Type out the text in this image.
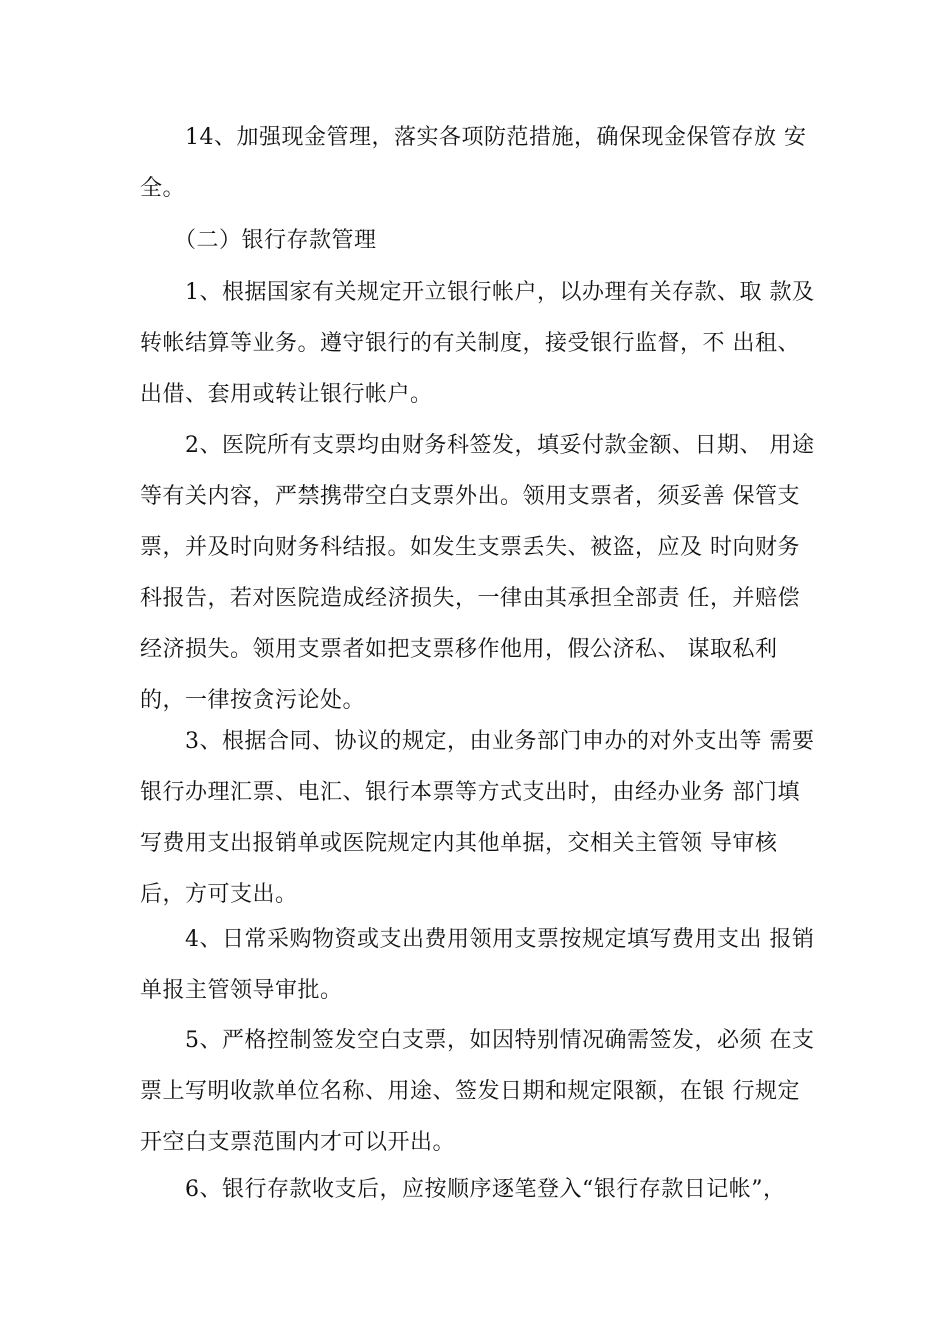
　　14、加强现金管理，落实各项防范措施，确保现金保管存放 安
全。
　　（二）银行存款管理
　　1、根据国家有关规定开立银行帐户，以办理有关存款、取 款及
转帐结算等业务。遵守银行的有关制度，接受银行监督，不 出租、
出借、套用或转让银行帐户。
　　2、医院所有支票均由财务科签发，填妥付款金额、日期、 用途
等有关内容，严禁携带空白支票外出。领用支票者，须妥善 保管支
票，并及时向财务科结报。如发生支票丢失、被盗，应及 时向财务
科报告，若对医院造成经济损失，一律由其承担全部责 任，并赔偿
经济损失。领用支票者如把支票移作他用，假公济私、 谋取私利
的，一律按贪污论处。
　　3、根据合同、协议的规定，由业务部门申办的对外支出等 需要
银行办理汇票、电汇、银行本票等方式支出时，由经办业务 部门填
写费用支出报销单或医院规定内其他单据，交相关主管领 导审核
后，方可支出。
　　4、日常采购物资或支出费用领用支票按规定填写费用支出 报销
单报主管领导审批。
　　5、严格控制签发空白支票，如因特别情况确需签发，必须 在支
票上写明收款单位名称、用途、签发日期和规定限额，在银 行规定
开空白支票范围内才可以开出。
　　6、银行存款收支后，应按顺序逐笔登入“银行存款日记帐”，
